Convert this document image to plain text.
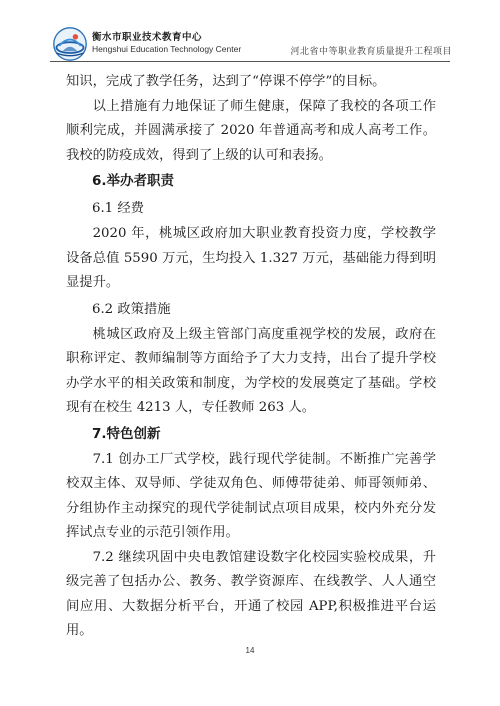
衡水市职业技术教育中心
Hengshui Education Technology Center	河北省中等职业教育质量提升工程项目

知识，完成了教学任务，达到了“停课不停学”的目标。

以上措施有力地保证了师生健康，保障了我校的各项工作顺利完成，并圆满承接了 2020 年普通高考和成人高考工作。我校的防疫成效，得到了上级的认可和表扬。

6.举办者职责

6.1 经费

2020 年，桃城区政府加大职业教育投资力度，学校教学设备总值 5590 万元，生均投入 1.327 万元，基础能力得到明显提升。

6.2 政策措施

桃城区政府及上级主管部门高度重视学校的发展，政府在职称评定、教师编制等方面给予了大力支持，出台了提升学校办学水平的相关政策和制度，为学校的发展奠定了基础。学校现有在校生 4213 人，专任教师 263 人。

7.特色创新

7.1 创办工厂式学校，践行现代学徒制。不断推广完善学校双主体、双导师、学徒双角色、师傅带徒弟、师哥领师弟、分组协作主动探究的现代学徒制试点项目成果，校内外充分发挥试点专业的示范引领作用。

7.2 继续巩固中央电教馆建设数字化校园实验校成果，升级完善了包括办公、教务、教学资源库、在线教学、人人通空间应用、大数据分析平台，开通了校园 APP,积极推进平台运用。

14
